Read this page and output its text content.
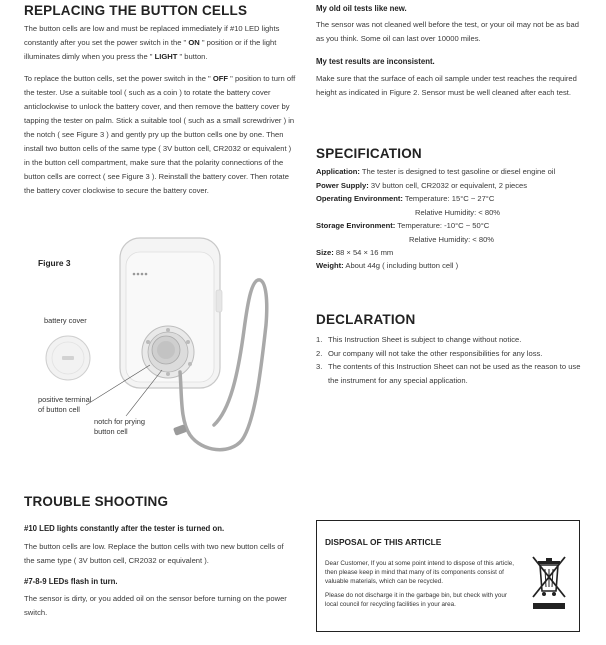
REPLACING THE BUTTON CELLS

The button cells are low and must be replaced immediately if #10 LED lights constantly after you set the power switch in the " ON " position or if the light illuminates dimly when you press the " LIGHT " button.

To replace the button cells, set the power switch in the " OFF " position to turn off the tester. Use a suitable tool ( such as a coin ) to rotate the battery cover anticlockwise to unlock the battery cover, and then remove the battery cover by tapping the tester on palm. Stick a suitable tool ( such as a small screwdriver ) in the notch ( see Figure 3 ) and gently pry up the button cells one by one. Then install two button cells of the same type ( 3V button cell, CR2032 or equivalent ) in the button cell compartment, make sure that the polarity connections of the button cells are correct ( see Figure 3 ). Reinstall the battery cover. Then rotate the battery cover clockwise to secure the battery cover.

Figure 3
battery cover
positive terminal
of button cell
notch for prying
button cell
TROUBLE SHOOTING
#10 LED lights constantly after the tester is turned on.

The button cells are low. Replace the button cells with two new button cells of the same type ( 3V button cell, CR2032 or equivalent ).

#7-8-9 LEDs flash in turn.

The sensor is dirty, or you added oil on the sensor before turning on the power switch.

My old oil tests like new.

The sensor was not cleaned well before the test, or your oil may not be as bad as you think. Some oil can last over 10000 miles.

My test results are inconsistent.

Make sure that the surface of each oil sample under test reaches the required height as indicated in Figure 2. Sensor must be well cleaned after each test.

SPECIFICATION
Application: The tester is designed to test gasoline or diesel engine oil
Power Supply: 3V button cell, CR2032 or equivalent, 2 pieces
Operating Environment: Temperature: 15°C ~ 27°C
Relative Humidity: < 80%
Storage Environment: Temperature: -10°C ~ 50°C
Relative Humidity: < 80%
Size: 88 × 54 × 16 mm
Weight: About 44g ( including button cell )
DECLARATION
1. This Instruction Sheet is subject to change without notice.
2. Our company will not take the other responsibilities for any loss.
3. The contents of this Instruction Sheet can not be used as the reason to use the instrument for any special application.
DISPOSAL OF THIS ARTICLE

Dear Customer, If you at some point intend to dispose of this article, then please keep in mind that many of its components consist of valuable materials, which can be recycled.

Please do not discharge it in the garbage bin, but check with your local council for recycling facilities in your area.
